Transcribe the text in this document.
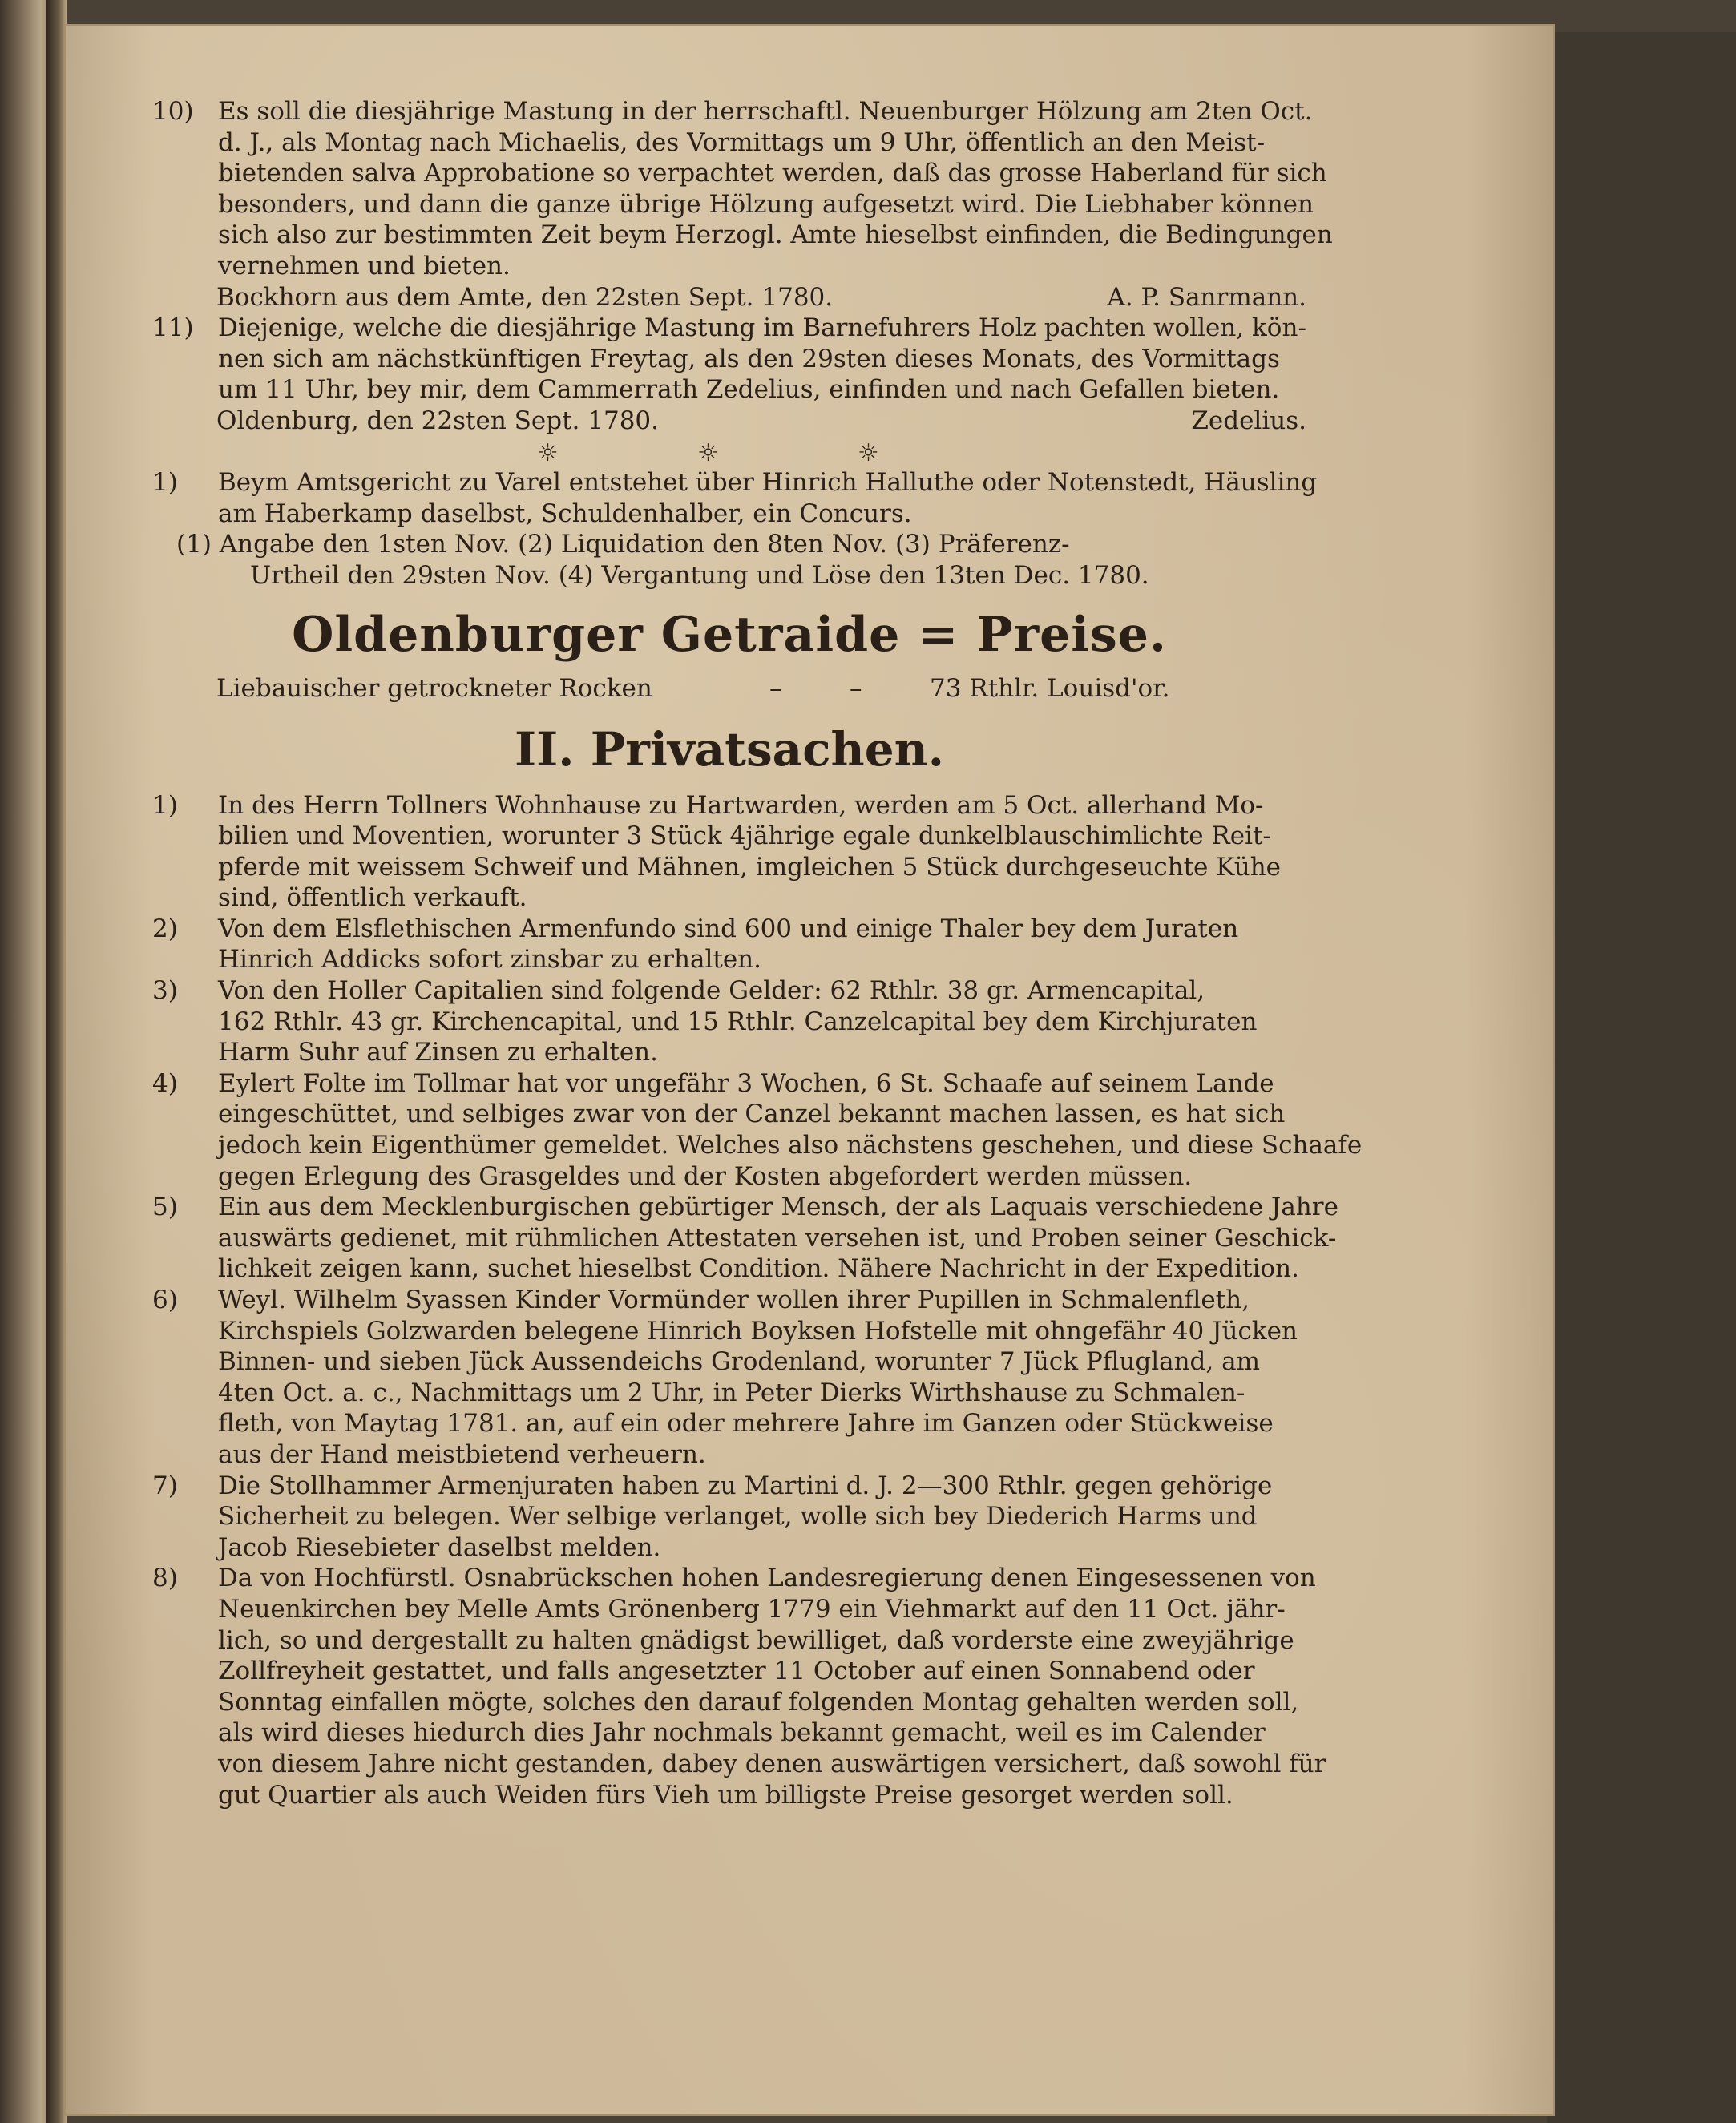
10) Es soll die diesjährige Mastung in der herrschaftl. Neuenburger Hölzung am 2ten Oct.
d. J., als Montag nach Michaelis, des Vormittags um 9 Uhr, öffentlich an den Meist-
bietenden salva Approbatione so verpachtet werden, daß das grosse Haberland für sich
besonders, und dann die ganze übrige Hölzung aufgesetzt wird. Die Liebhaber können
sich also zur bestimmten Zeit beym Herzogl. Amte hieselbst einfinden, die Bedingungen
vernehmen und bieten.
Bockhorn aus dem Amte, den 22sten Sept. 1780.	A. P. Sanrmann.
11) Diejenige, welche die diesjährige Mastung im Barnefuhrers Holz pachten wollen, kön-
nen sich am nächstkünftigen Freytag, als den 29sten dieses Monats, des Vormittags
um 11 Uhr, bey mir, dem Cammerrath Zedelius, einfinden und nach Gefallen bieten.
Oldenburg, den 22sten Sept. 1780.	Zedelius.
☼	☼	☼
1)	Beym Amtsgericht zu Varel entstehet über Hinrich Halluthe oder Notenstedt, Häusling
am Haberkamp daselbst, Schuldenhalber, ein Concurs.
(1) Angabe den 1sten Nov. (2) Liquidation den 8ten Nov. (3) Präferenz-
Urtheil den 29sten Nov. (4) Vergantung und Löse den 13ten Dec. 1780.
Oldenburger Getraide = Preise.
Liebauischer getrockneter Rocken	–	–	73 Rthlr. Louisd'or.
II. Privatsachen.
1)	In des Herrn Tollners Wohnhause zu Hartwarden, werden am 5 Oct. allerhand Mo-
bilien und Moventien, worunter 3 Stück 4jährige egale dunkelblauschimlichte Reit-
pferde mit weissem Schweif und Mähnen, imgleichen 5 Stück durchgeseuchte Kühe
sind, öffentlich verkauft.
2)	Von dem Elsflethischen Armenfundo sind 600 und einige Thaler bey dem Juraten
Hinrich Addicks sofort zinsbar zu erhalten.
3)	Von den Holler Capitalien sind folgende Gelder: 62 Rthlr. 38 gr. Armencapital,
162 Rthlr. 43 gr. Kirchencapital, und 15 Rthlr. Canzelcapital bey dem Kirchjuraten
Harm Suhr auf Zinsen zu erhalten.
4)	Eylert Folte im Tollmar hat vor ungefähr 3 Wochen, 6 St. Schaafe auf seinem Lande
eingeschüttet, und selbiges zwar von der Canzel bekannt machen lassen, es hat sich
jedoch kein Eigenthümer gemeldet. Welches also nächstens geschehen, und diese Schaafe
gegen Erlegung des Grasgeldes und der Kosten abgefordert werden müssen.
5)	Ein aus dem Mecklenburgischen gebürtiger Mensch, der als Laquais verschiedene Jahre
auswärts gedienet, mit rühmlichen Attestaten versehen ist, und Proben seiner Geschick-
lichkeit zeigen kann, suchet hieselbst Condition. Nähere Nachricht in der Expedition.
6)	Weyl. Wilhelm Syassen Kinder Vormünder wollen ihrer Pupillen in Schmalenfleth,
Kirchspiels Golzwarden belegene Hinrich Boyksen Hofstelle mit ohngefähr 40 Jücken
Binnen- und sieben Jück Aussendeichs Grodenland, worunter 7 Jück Pflugland, am
4ten Oct. a. c., Nachmittags um 2 Uhr, in Peter Dierks Wirthshause zu Schmalen-
fleth, von Maytag 1781. an, auf ein oder mehrere Jahre im Ganzen oder Stückweise
aus der Hand meistbietend verheuern.
7)	Die Stollhammer Armenjuraten haben zu Martini d. J. 2—300 Rthlr. gegen gehörige
Sicherheit zu belegen. Wer selbige verlanget, wolle sich bey Diederich Harms und
Jacob Riesebieter daselbst melden.
8)	Da von Hochfürstl. Osnabrückschen hohen Landesregierung denen Eingesessenen von
Neuenkirchen bey Melle Amts Grönenberg 1779 ein Viehmarkt auf den 11 Oct. jähr-
lich, so und dergestallt zu halten gnädigst bewilliget, daß vorderste eine zweyjährige
Zollfreyheit gestattet, und falls angesetzter 11 October auf einen Sonnabend oder
Sonntag einfallen mögte, solches den darauf folgenden Montag gehalten werden soll,
als wird dieses hiedurch dies Jahr nochmals bekannt gemacht, weil es im Calender
von diesem Jahre nicht gestanden, dabey denen auswärtigen versichert, daß sowohl für
gut Quartier als auch Weiden fürs Vieh um billigste Preise gesorget werden soll.
